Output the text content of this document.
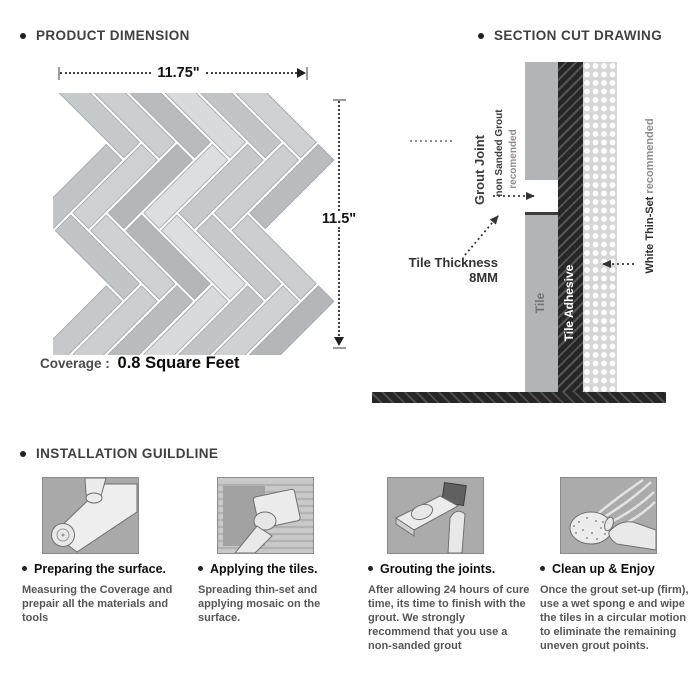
PRODUCT DIMENSION
11.75"
11.5"
Coverage : 0.8 Square Feet
SECTION CUT DRAWING
Grout Joint non Sanded Grout recomended
Tile Tile Adhesive
White Thin-Set recommended
Tile Thickness
8MM
INSTALLATION GUILDLINE
Preparing the surface.
Measuring the Coverage and prepair all the materials and tools
Applying the tiles.
Spreading thin-set and applying mosaic on the surface.
Grouting the joints.
After allowing 24 hours of cure time, its time to finish with the grout. We strongly recommend that you use a non-sanded grout
Clean up & Enjoy
Once the grout set-up (firm), use a wet spong e and wipe the tiles in a circular motion to eliminate the remaining uneven grout points.
